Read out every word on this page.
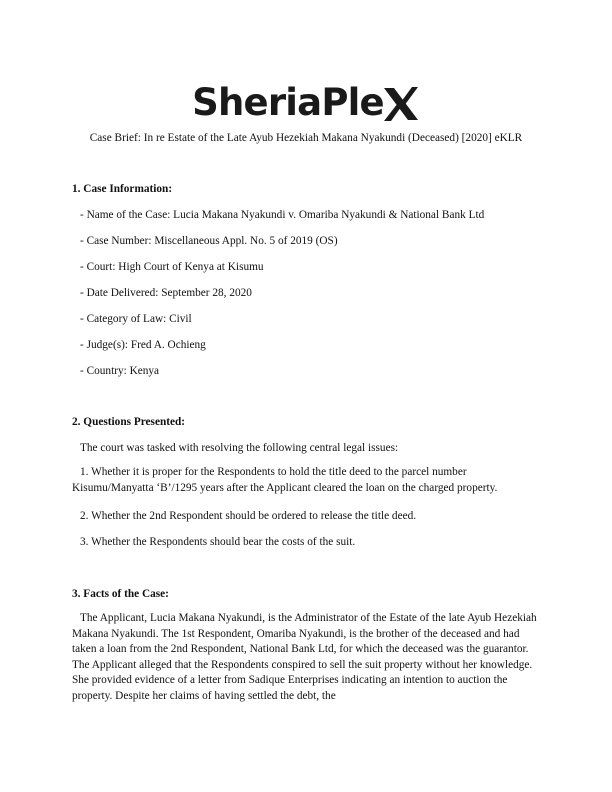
SheriaPle
Case Brief: In re Estate of the Late Ayub Hezekiah Makana Nyakundi (Deceased) [2020] eKLR
1. Case Information:
- Name of the Case: Lucia Makana Nyakundi v. Omariba Nyakundi & National Bank Ltd
- Case Number: Miscellaneous Appl. No. 5 of 2019 (OS)
- Court: High Court of Kenya at Kisumu
- Date Delivered: September 28, 2020
- Category of Law: Civil
- Judge(s): Fred A. Ochieng
- Country: Kenya
2. Questions Presented:
The court was tasked with resolving the following central legal issues:

1. Whether it is proper for the Respondents to hold the title deed to the parcel number Kisumu/Manyatta ‘B’/1295 years after the Applicant cleared the loan on the charged property.

2. Whether the 2nd Respondent should be ordered to release the title deed.
3. Whether the Respondents should bear the costs of the suit.
3. Facts of the Case:

The Applicant, Lucia Makana Nyakundi, is the Administrator of the Estate of the late Ayub Hezekiah Makana Nyakundi. The 1st Respondent, Omariba Nyakundi, is the brother of the deceased and had taken a loan from the 2nd Respondent, National Bank Ltd, for which the deceased was the guarantor. The Applicant alleged that the Respondents conspired to sell the suit property without her knowledge. She provided evidence of a letter from Sadique Enterprises indicating an intention to auction the property. Despite her claims of having settled the debt, the
